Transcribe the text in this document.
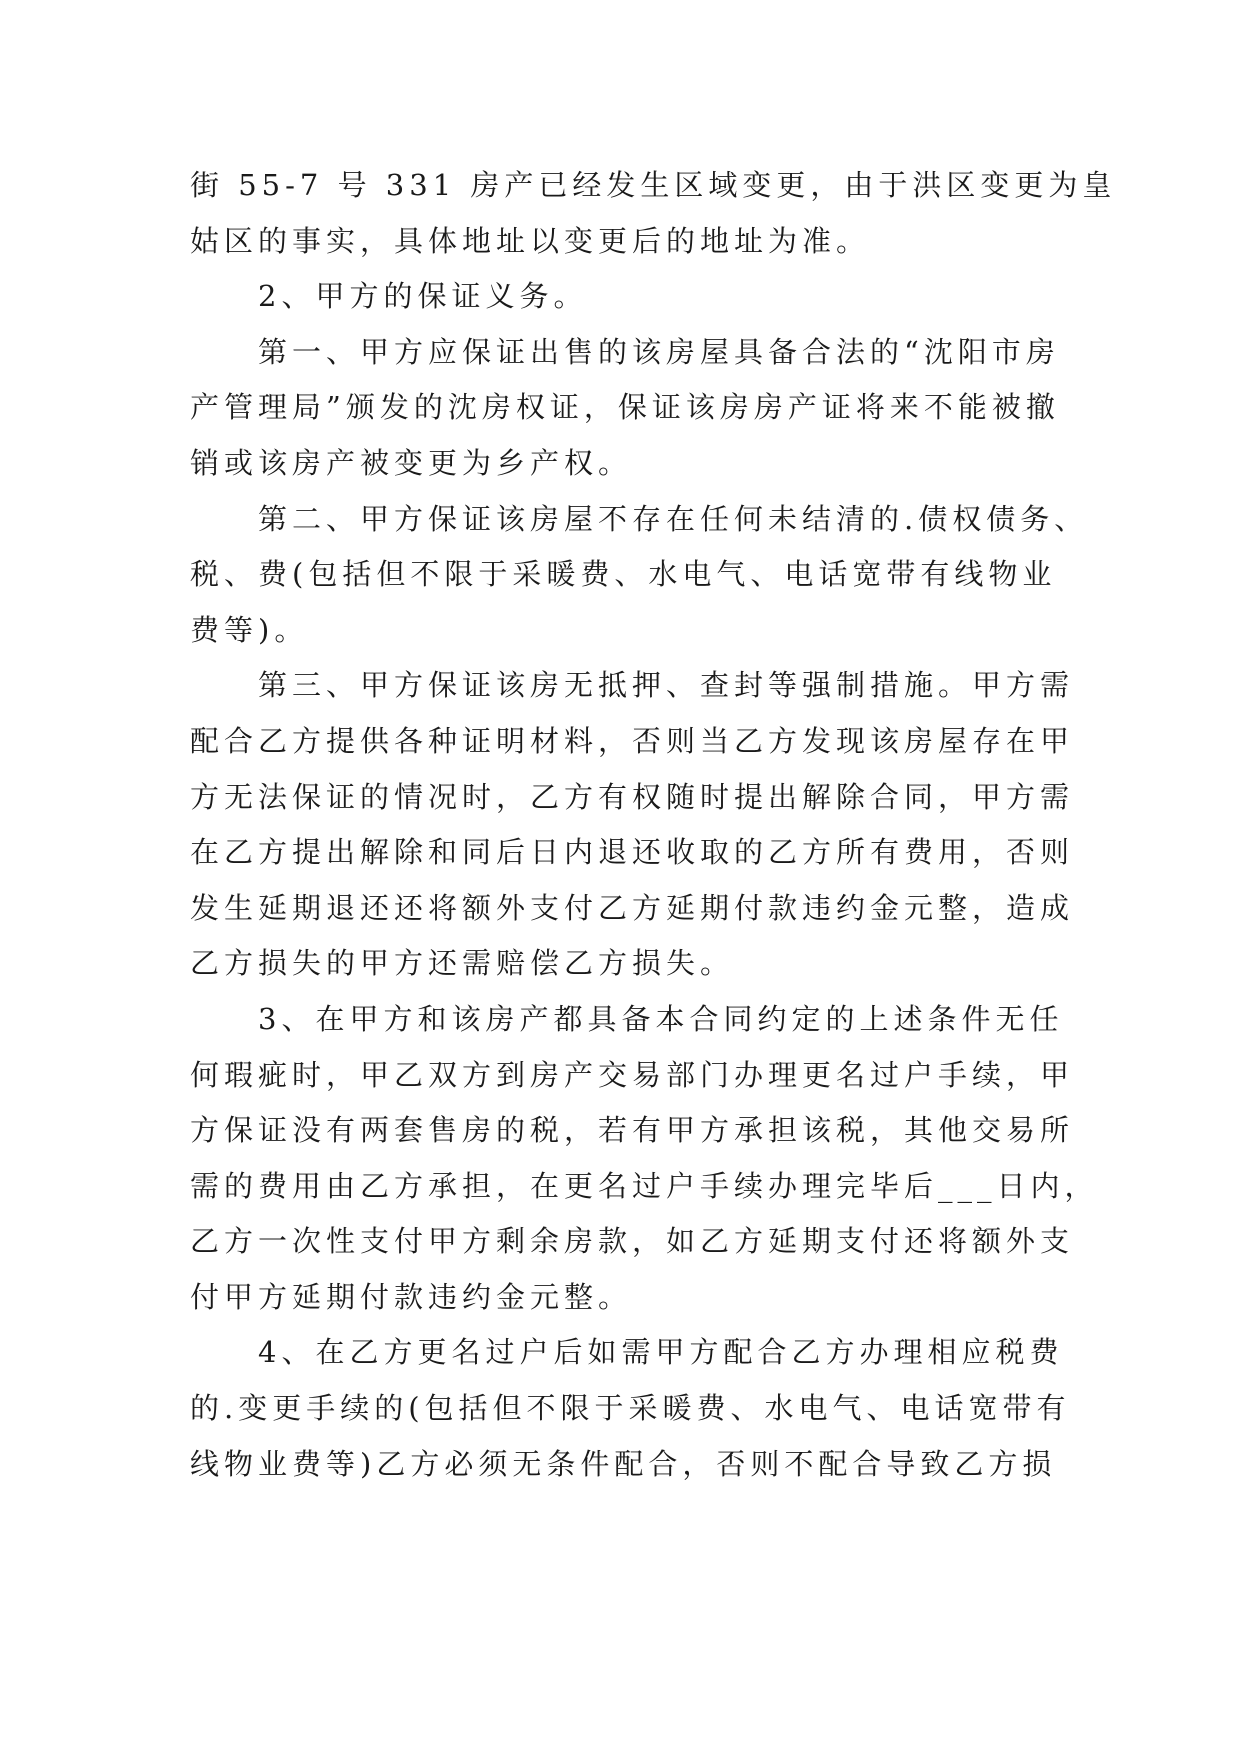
街 55-7 号 331 房产已经发生区域变更，由于洪区变更为皇
姑区的事实，具体地址以变更后的地址为准。
2、甲方的保证义务。
第一、甲方应保证出售的该房屋具备合法的“沈阳市房
产管理局”颁发的沈房权证，保证该房房产证将来不能被撤
销或该房产被变更为乡产权。
第二、甲方保证该房屋不存在任何未结清的.债权债务、
税、费(包括但不限于采暖费、水电气、电话宽带有线物业
费等)。
第三、甲方保证该房无抵押、查封等强制措施。甲方需
配合乙方提供各种证明材料，否则当乙方发现该房屋存在甲
方无法保证的情况时，乙方有权随时提出解除合同，甲方需
在乙方提出解除和同后日内退还收取的乙方所有费用，否则
发生延期退还还将额外支付乙方延期付款违约金元整，造成
乙方损失的甲方还需赔偿乙方损失。
3、在甲方和该房产都具备本合同约定的上述条件无任
何瑕疵时，甲乙双方到房产交易部门办理更名过户手续，甲
方保证没有两套售房的税，若有甲方承担该税，其他交易所
需的费用由乙方承担，在更名过户手续办理完毕后___日内，
乙方一次性支付甲方剩余房款，如乙方延期支付还将额外支
付甲方延期付款违约金元整。
4、在乙方更名过户后如需甲方配合乙方办理相应税费
的.变更手续的(包括但不限于采暖费、水电气、电话宽带有
线物业费等)乙方必须无条件配合，否则不配合导致乙方损
